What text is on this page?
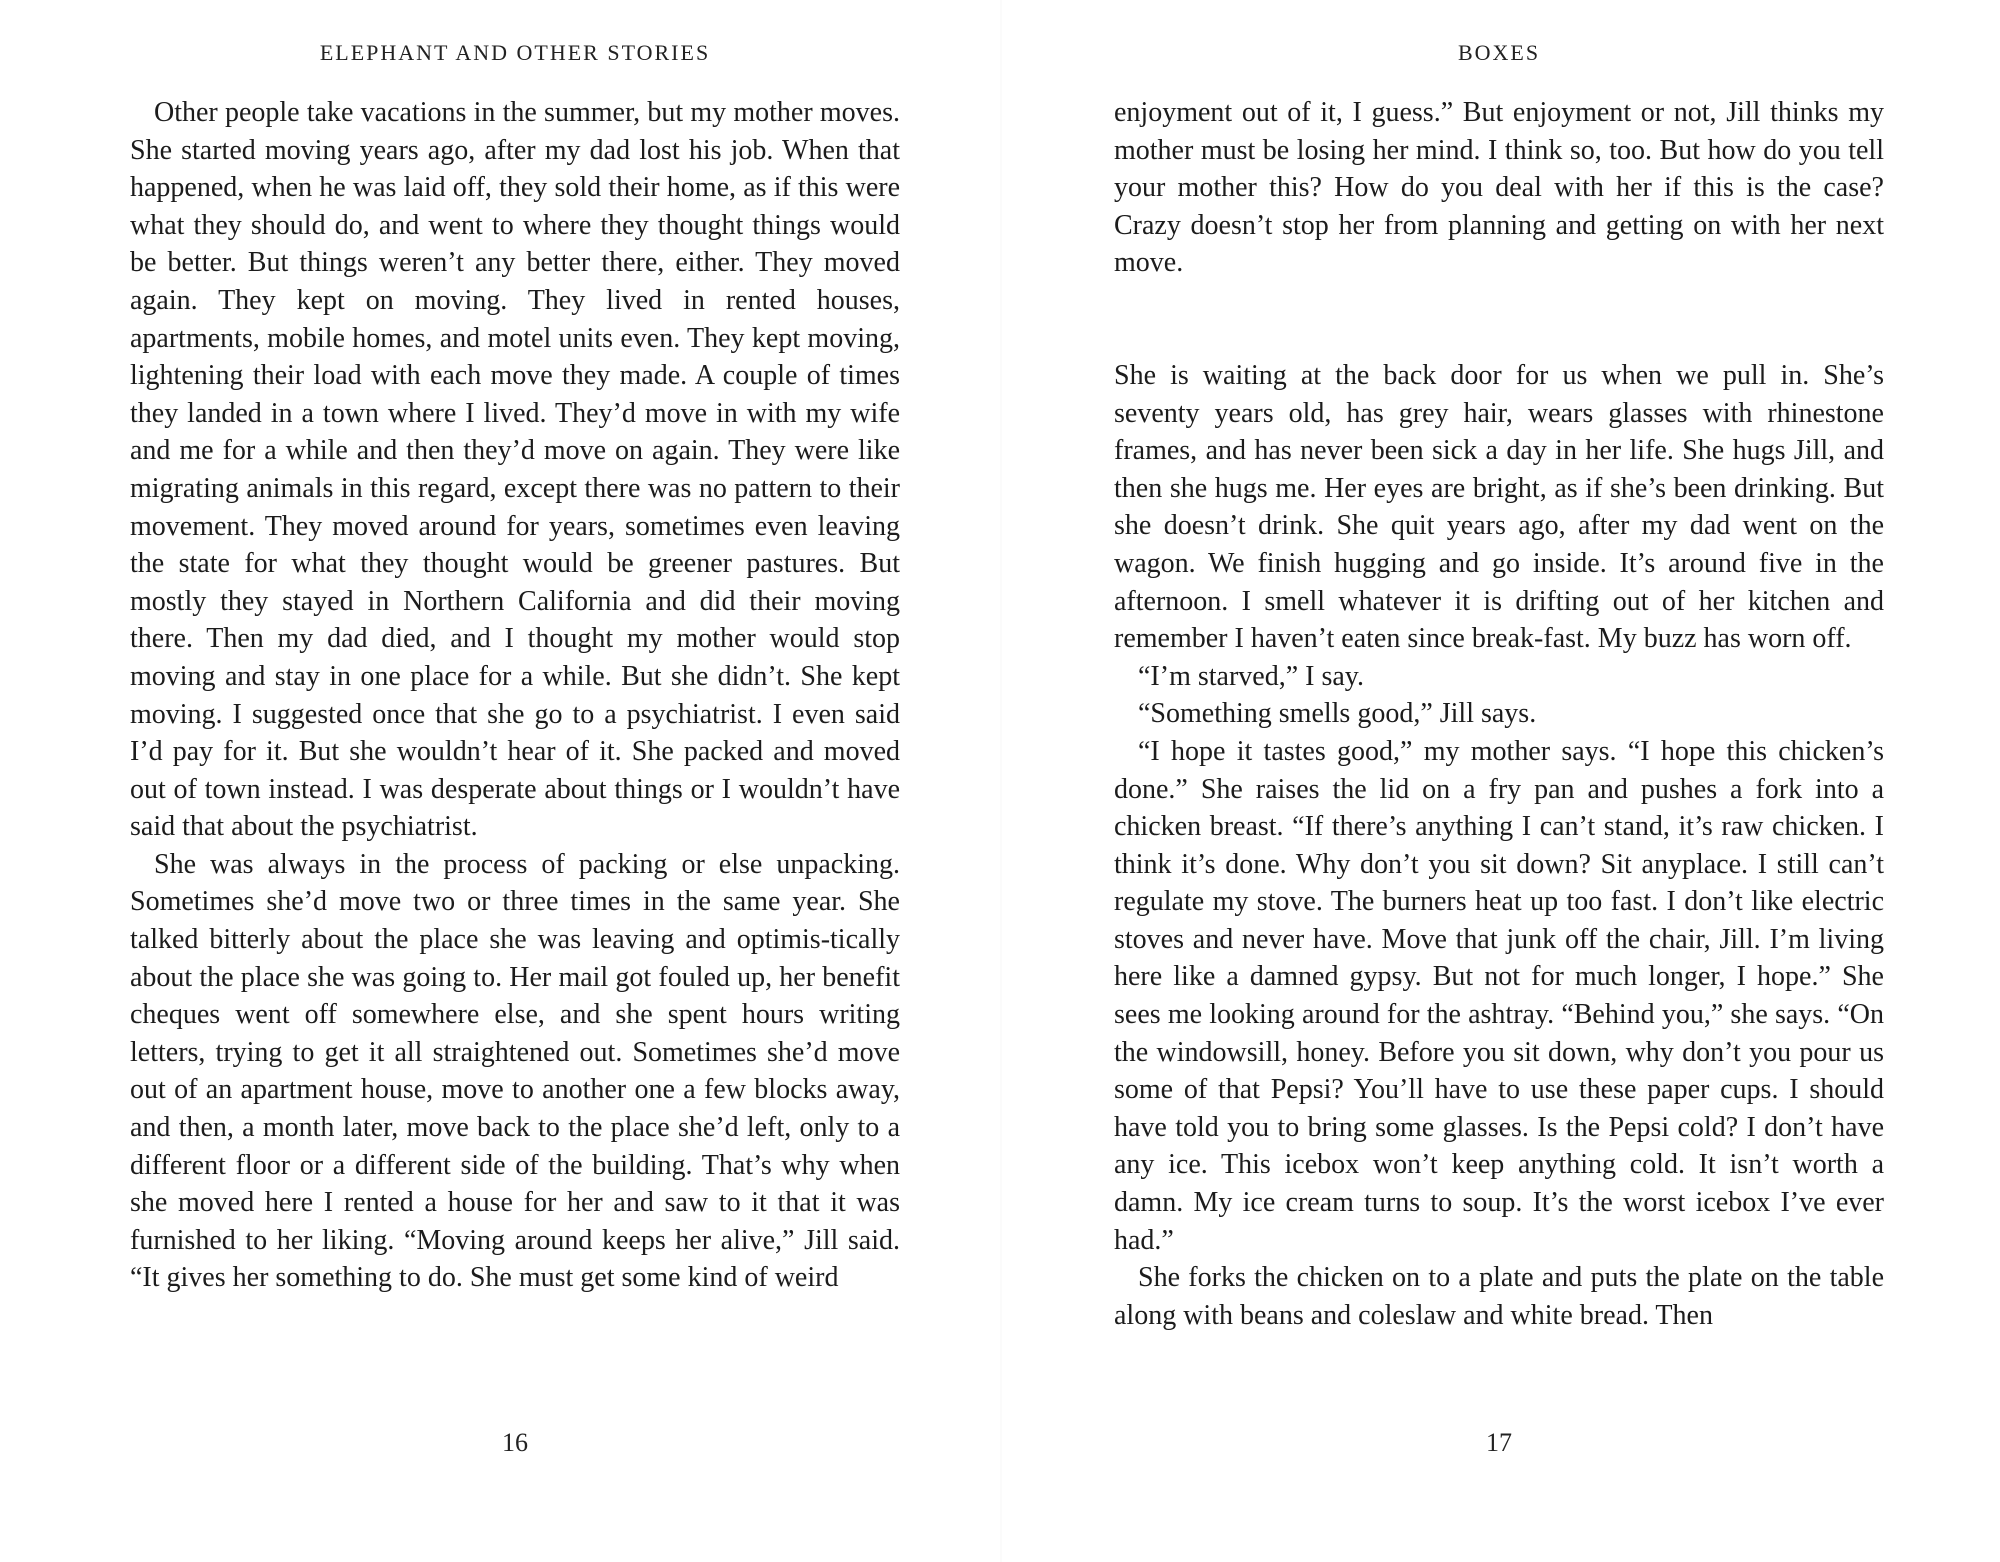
ELEPHANT AND OTHER STORIES

Other people take vacations in the summer, but my mother moves. She started moving years ago, after my dad lost his job. When that happened, when he was laid off, they sold their home, as if this were what they should do, and went to where they thought things would be better. But things weren’t any better there, either. They moved again. They kept on moving. They lived in rented houses, apartments, mobile homes, and motel units even. They kept moving, lightening their load with each move they made. A couple of times they landed in a town where I lived. They’d move in with my wife and me for a while and then they’d move on again. They were like migrating animals in this regard, except there was no pattern to their movement. They moved around for years, sometimes even leaving the state for what they thought would be greener pastures. But mostly they stayed in Northern California and did their moving there. Then my dad died, and I thought my mother would stop moving and stay in one place for a while. But she didn’t. She kept moving. I suggested once that she go to a psychiatrist. I even said I’d pay for it. But she wouldn’t hear of it. She packed and moved out of town instead. I was desperate about things or I wouldn’t have said that about the psychiatrist.

She was always in the process of packing or else unpacking. Sometimes she’d move two or three times in the same year. She talked bitterly about the place she was leaving and optimis-tically about the place she was going to. Her mail got fouled up, her benefit cheques went off somewhere else, and she spent hours writing letters, trying to get it all straightened out. Sometimes she’d move out of an apartment house, move to another one a few blocks away, and then, a month later, move back to the place she’d left, only to a different floor or a different side of the building. That’s why when she moved here I rented a house for her and saw to it that it was furnished to her liking. “Moving around keeps her alive,” Jill said. “It gives her something to do. She must get some kind of weird

16
BOXES

enjoyment out of it, I guess.” But enjoyment or not, Jill thinks my mother must be losing her mind. I think so, too. But how do you tell your mother this? How do you deal with her if this is the case? Crazy doesn’t stop her from planning and getting on with her next move.

She is waiting at the back door for us when we pull in. She’s seventy years old, has grey hair, wears glasses with rhinestone frames, and has never been sick a day in her life. She hugs Jill, and then she hugs me. Her eyes are bright, as if she’s been drinking. But she doesn’t drink. She quit years ago, after my dad went on the wagon. We finish hugging and go inside. It’s around five in the afternoon. I smell whatever it is drifting out of her kitchen and remember I haven’t eaten since break-fast. My buzz has worn off.

“I’m starved,” I say.

“Something smells good,” Jill says.

“I hope it tastes good,” my mother says. “I hope this chicken’s done.” She raises the lid on a fry pan and pushes a fork into a chicken breast. “If there’s anything I can’t stand, it’s raw chicken. I think it’s done. Why don’t you sit down? Sit anyplace. I still can’t regulate my stove. The burners heat up too fast. I don’t like electric stoves and never have. Move that junk off the chair, Jill. I’m living here like a damned gypsy. But not for much longer, I hope.” She sees me looking around for the ashtray. “Behind you,” she says. “On the windowsill, honey. Before you sit down, why don’t you pour us some of that Pepsi? You’ll have to use these paper cups. I should have told you to bring some glasses. Is the Pepsi cold? I don’t have any ice. This icebox won’t keep anything cold. It isn’t worth a damn. My ice cream turns to soup. It’s the worst icebox I’ve ever had.”

She forks the chicken on to a plate and puts the plate on the table along with beans and coleslaw and white bread. Then

17
